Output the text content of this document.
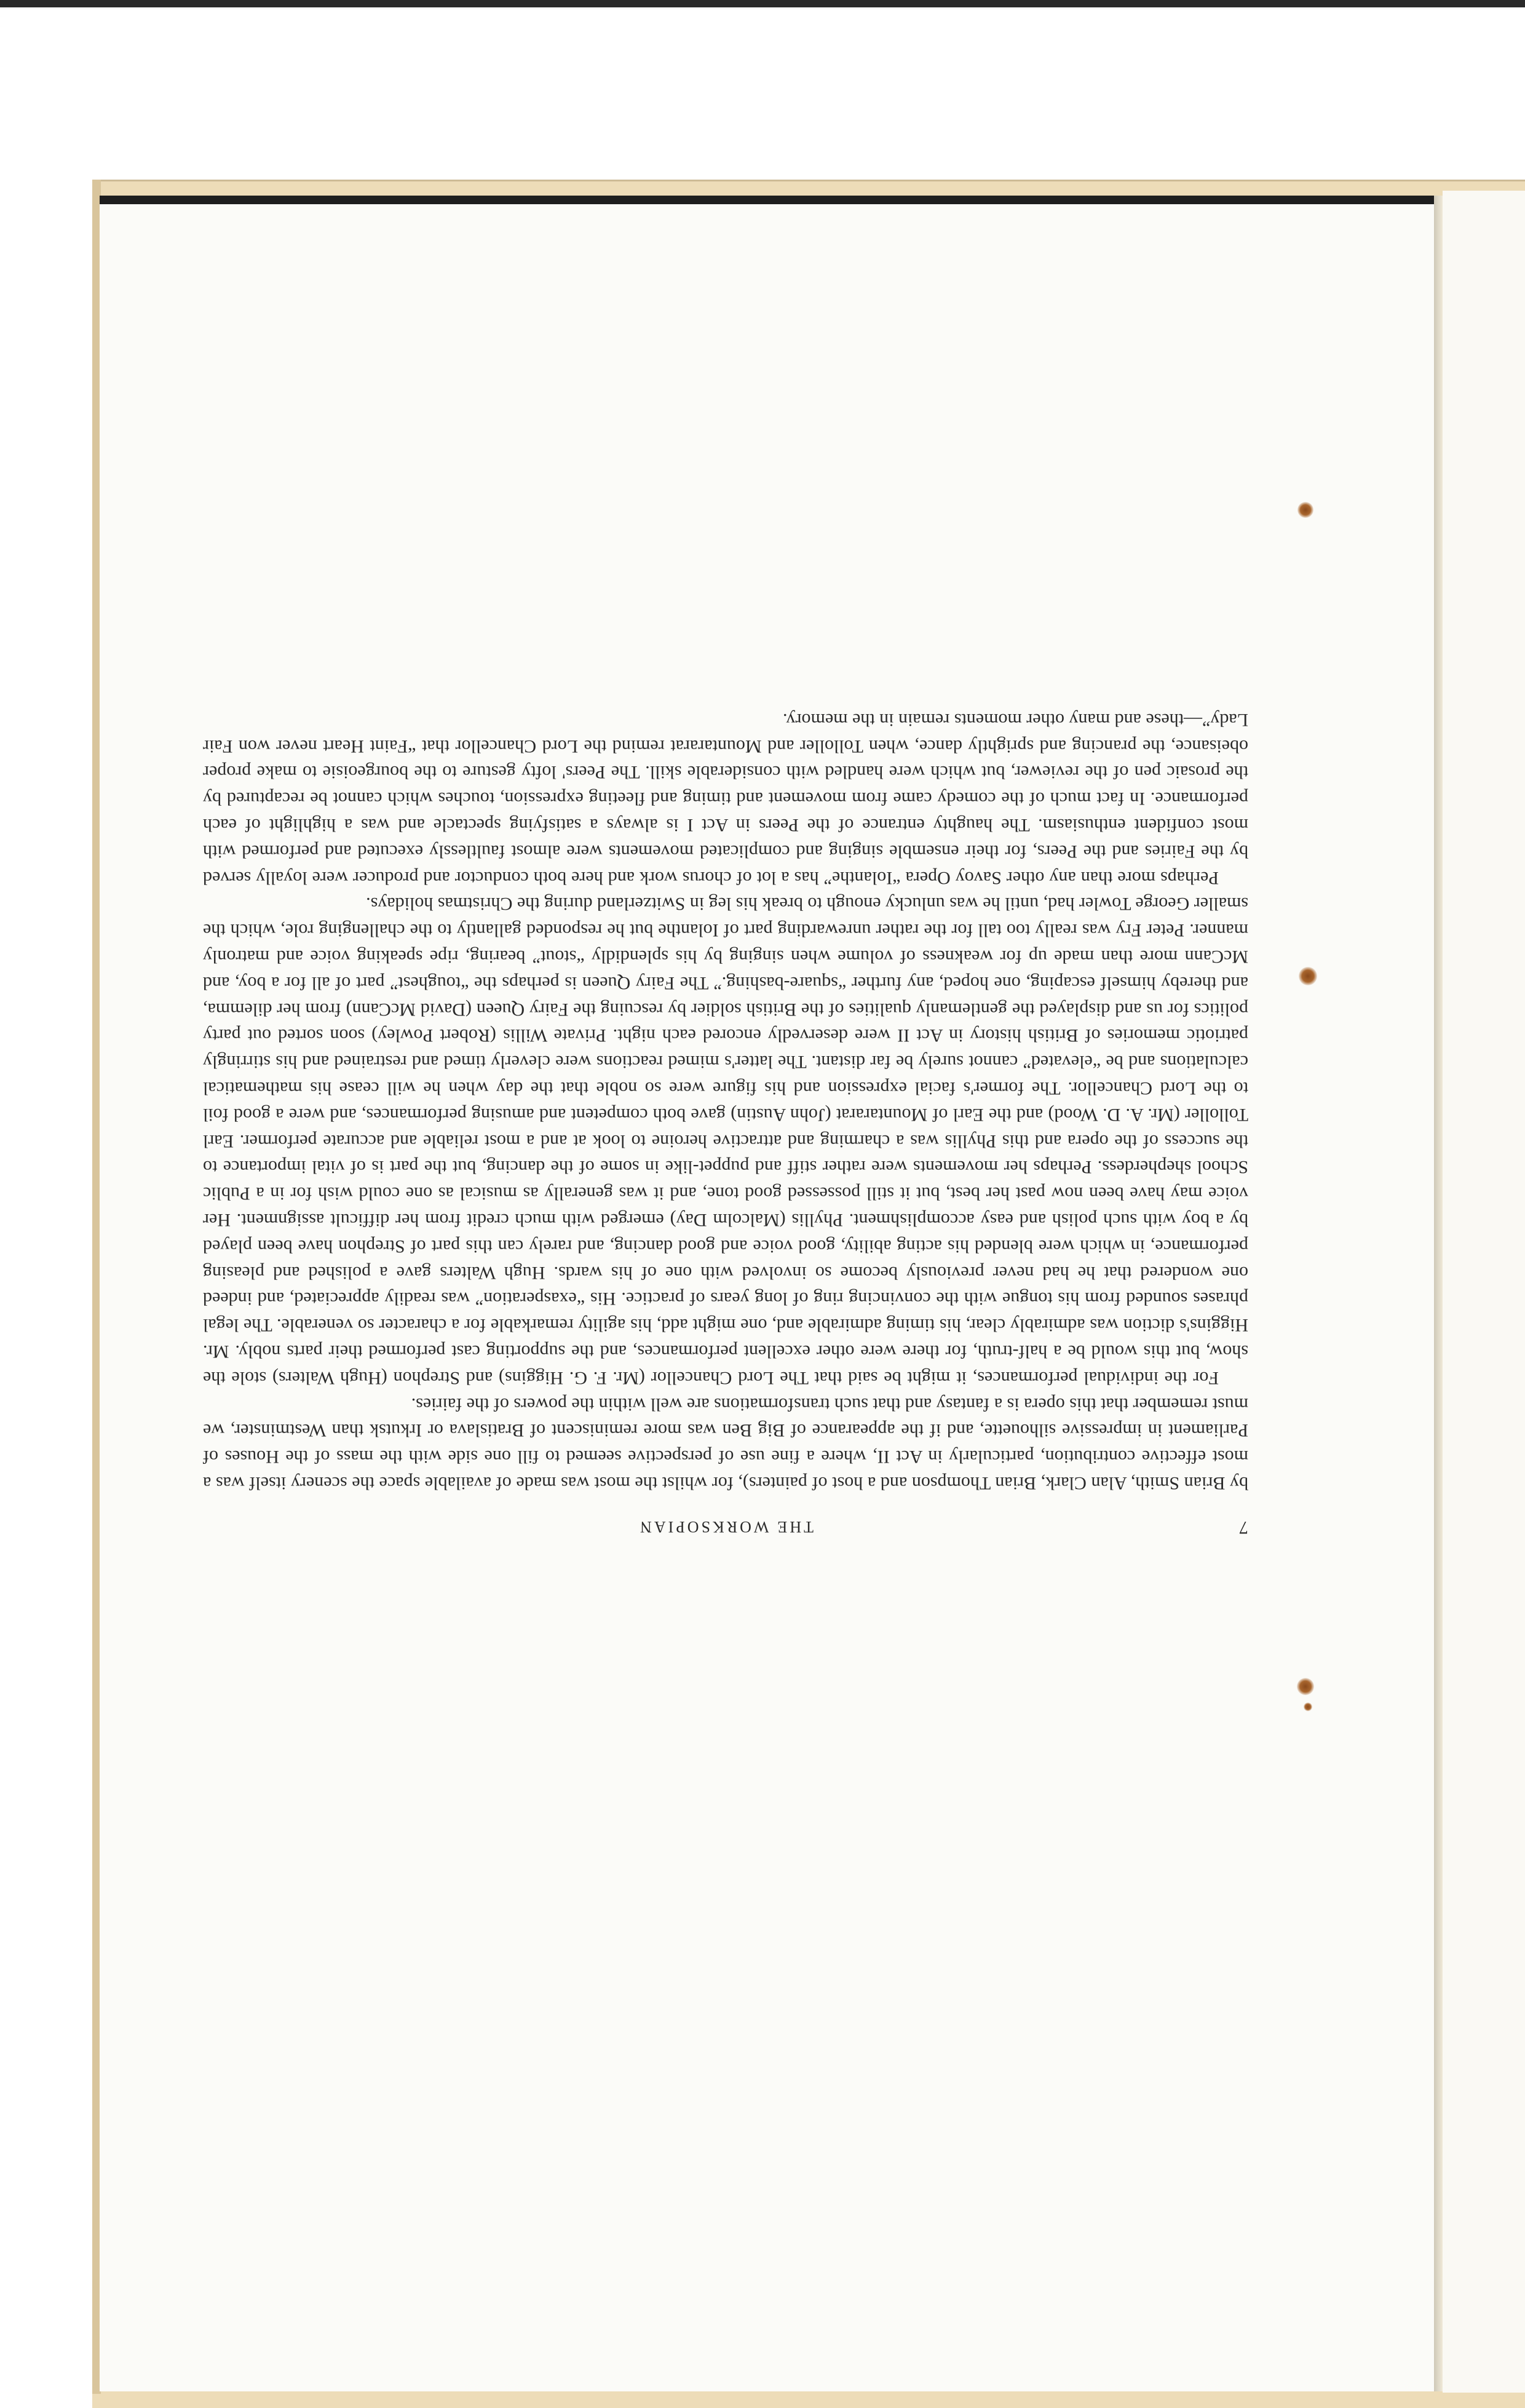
7
THE WORKSOPIAN

by Brian Smith, Alan Clark, Brian Thompson and a host of painters), for whilst the most was made of available space the scenery itself was a most effective contribution, particularly in Act II, where a fine use of perspective seemed to fill one side with the mass of the Houses of Parliament in impressive silhouette, and if the appearance of Big Ben was more reminiscent of Bratislava or Irkutsk than Westminster, we must remember that this opera is a fantasy and that such transformations are well within the powers of the fairies.

For the individual performances, it might be said that The Lord Chancellor (Mr. F. G. Higgins) and Strephon (Hugh Walters) stole the show, but this would be a half-truth, for there were other excellent performances, and the supporting cast performed their parts nobly. Mr. Higgins's diction was admirably clear, his timing admirable and, one might add, his agility remarkable for a character so venerable. The legal phrases sounded from his tongue with the convincing ring of long years of practice. His “exasperation” was readily appreciated, and indeed one wondered that he had never previously become so involved with one of his wards. Hugh Walters gave a polished and pleasing performance, in which were blended his acting ability, good voice and good dancing, and rarely can this part of Strephon have been played by a boy with such polish and easy accomplishment. Phyllis (Malcolm Day) emerged with much credit from her difficult assignment. Her voice may have been now past her best, but it still possessed good tone, and it was generally as musical as one could wish for in a Public School shepherdess. Perhaps her movements were rather stiff and puppet-like in some of the dancing, but the part is of vital importance to the success of the opera and this Phyllis was a charming and attractive heroine to look at and a most reliable and accurate performer. Earl Tolloller (Mr. A. D. Wood) and the Earl of Mountararat (John Austin) gave both competent and amusing performances, and were a good foil to the Lord Chancellor. The former's facial expression and his figure were so noble that the day when he will cease his mathematical calculations and be “elevated” cannot surely be far distant. The latter's mimed reactions were cleverly timed and restrained and his stirringly patriotic memories of British history in Act II were deservedly encored each night. Private Willis (Robert Powley) soon sorted out party politics for us and displayed the gentlemanly qualities of the British soldier by rescuing the Fairy Queen (David McCann) from her dilemma, and thereby himself escaping, one hoped, any further “square-bashing.” The Fairy Queen is perhaps the “toughest” part of all for a boy, and McCann more than made up for weakness of volume when singing by his splendidly “stout” bearing, ripe speaking voice and matronly manner. Peter Fry was really too tall for the rather unrewarding part of Iolanthe but he responded gallantly to the challenging role, which the smaller George Towler had, until he was unlucky enough to break his leg in Switzerland during the Christmas holidays.

Perhaps more than any other Savoy Opera “Iolanthe” has a lot of chorus work and here both conductor and producer were loyally served by the Fairies and the Peers, for their ensemble singing and complicated movements were almost faultlessly executed and performed with most confident enthusiasm. The haughty entrance of the Peers in Act I is always a satisfying spectacle and was a highlight of each performance. In fact much of the comedy came from movement and timing and fleeting expression, touches which cannot be recaptured by the prosaic pen of the reviewer, but which were handled with considerable skill. The Peers' lofty gesture to the bourgeoisie to make proper obeisance, the prancing and sprightly dance, when Tolloller and Mountararat remind the Lord Chancellor that “Faint Heart never won Fair Lady”—these and many other moments remain in the memory.
